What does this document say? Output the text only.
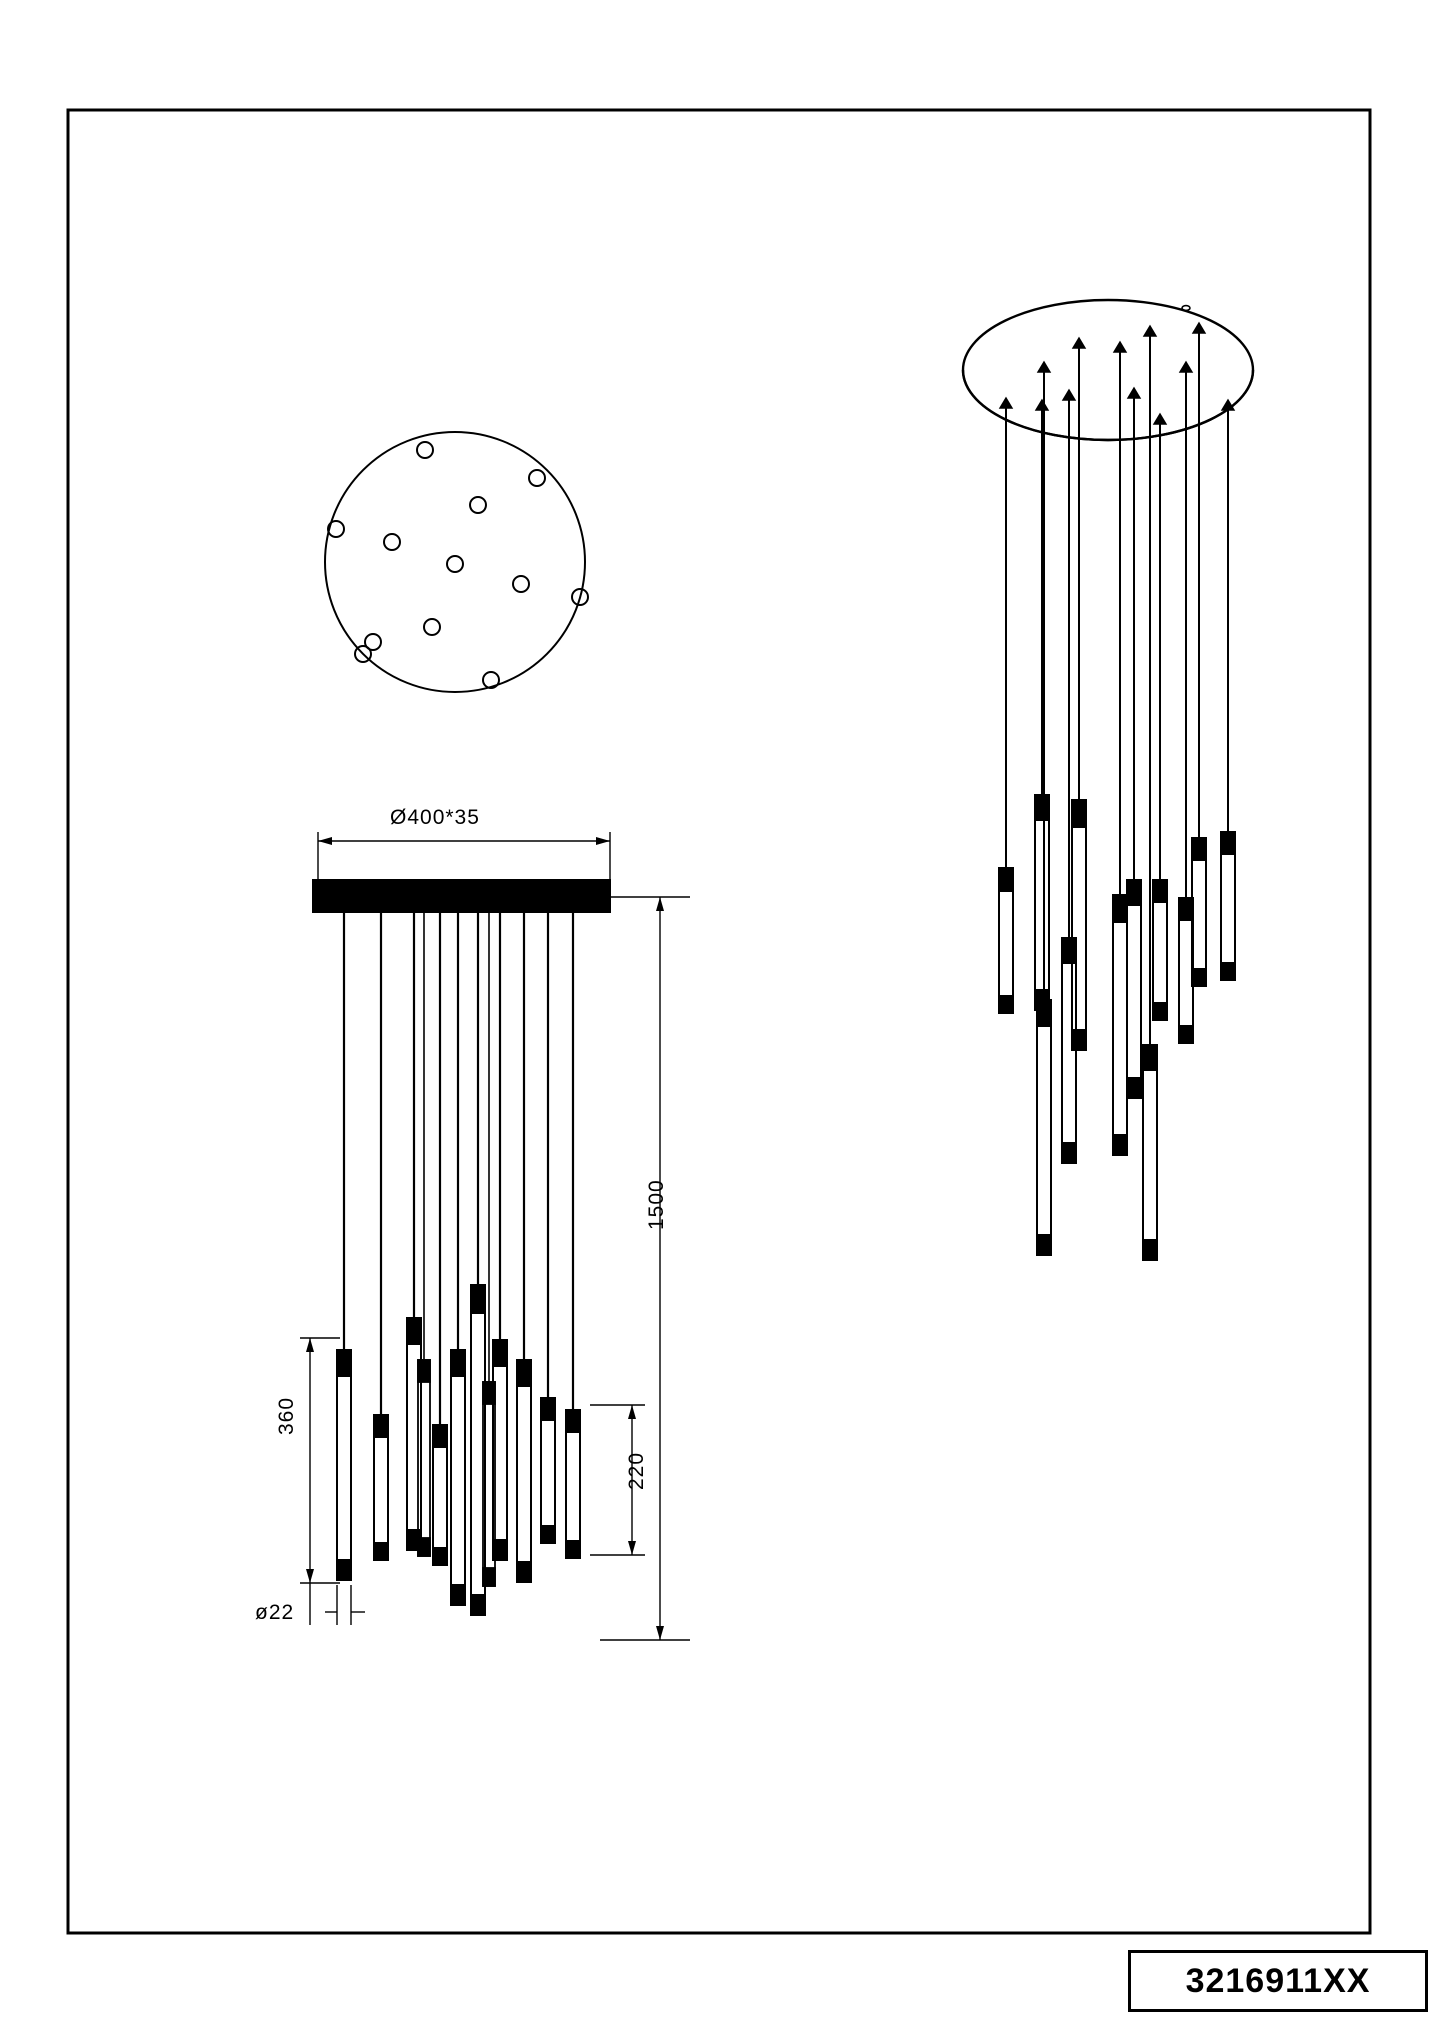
Ø400*35
1500
360
220
ø22
3216911XX
